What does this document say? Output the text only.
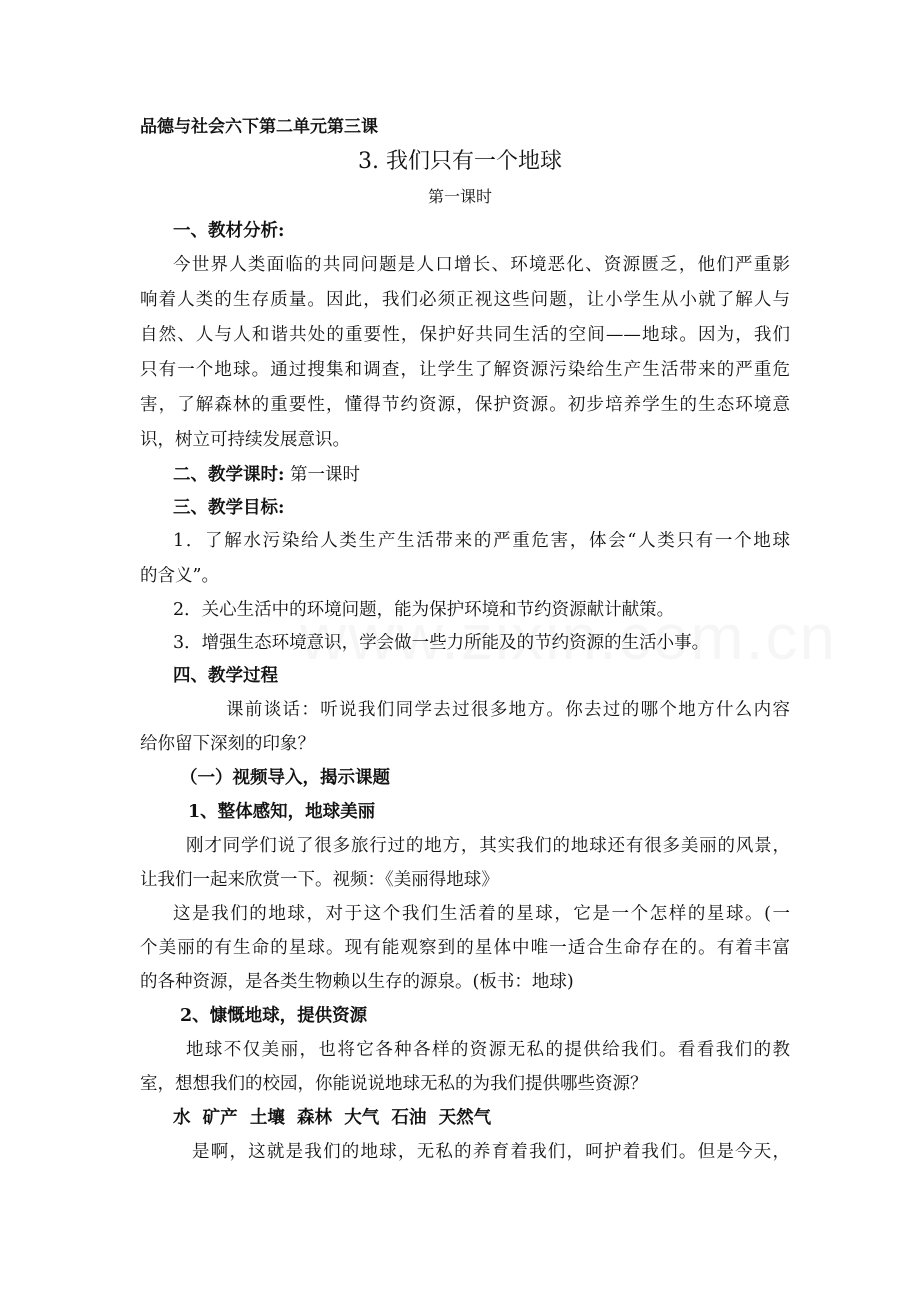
品德与社会六下第二单元第三课
3. 我们只有一个地球
第一课时
一、教材分析:
今世界人类面临的共同问题是人口增长、环境恶化、资源匮乏，他们严重影
响着人类的生存质量。因此，我们必须正视这些问题，让小学生从小就了解人与
自然、人与人和谐共处的重要性，保护好共同生活的空间——地球。因为，我们
只有一个地球。通过搜集和调查，让学生了解资源污染给生产生活带来的严重危
害，了解森林的重要性，懂得节约资源，保护资源。初步培养学生的生态环境意
识，树立可持续发展意识。
二、教学课时: 第一课时
三、教学目标:
1．了解水污染给人类生产生活带来的严重危害，体会“人类只有一个地球
的含义”。
2．关心生活中的环境问题，能为保护环境和节约资源献计献策。
3．增强生态环境意识，学会做一些力所能及的节约资源的生活小事。
四、教学过程
课前谈话：听说我们同学去过很多地方。你去过的哪个地方什么内容
给你留下深刻的印象？
（一）视频导入，揭示课题
1、整体感知，地球美丽
刚才同学们说了很多旅行过的地方，其实我们的地球还有很多美丽的风景，
让我们一起来欣赏一下。视频：《美丽得地球》
这是我们的地球，对于这个我们生活着的星球，它是一个怎样的星球。(一
个美丽的有生命的星球。现有能观察到的星体中唯一适合生命存在的。有着丰富
的各种资源，是各类生物赖以生存的源泉。(板书：地球)
2、慷慨地球，提供资源
地球不仅美丽，也将它各种各样的资源无私的提供给我们。看看我们的教
室，想想我们的校园，你能说说地球无私的为我们提供哪些资源？
水  矿产  土壤  森林  大气  石油  天然气
是啊，这就是我们的地球，无私的养育着我们，呵护着我们。但是今天，
